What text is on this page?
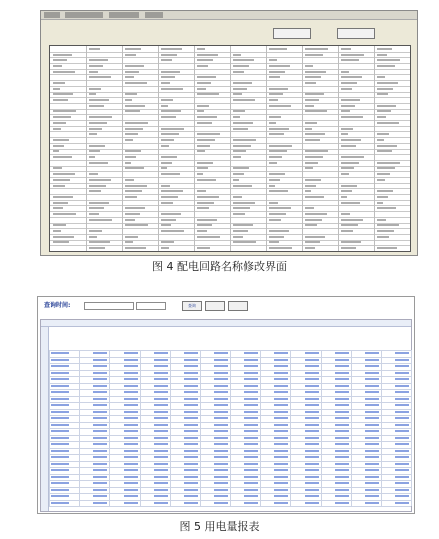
图 4 配电回路名称修改界面
查询时间:	查询
图 5 用电量报表
